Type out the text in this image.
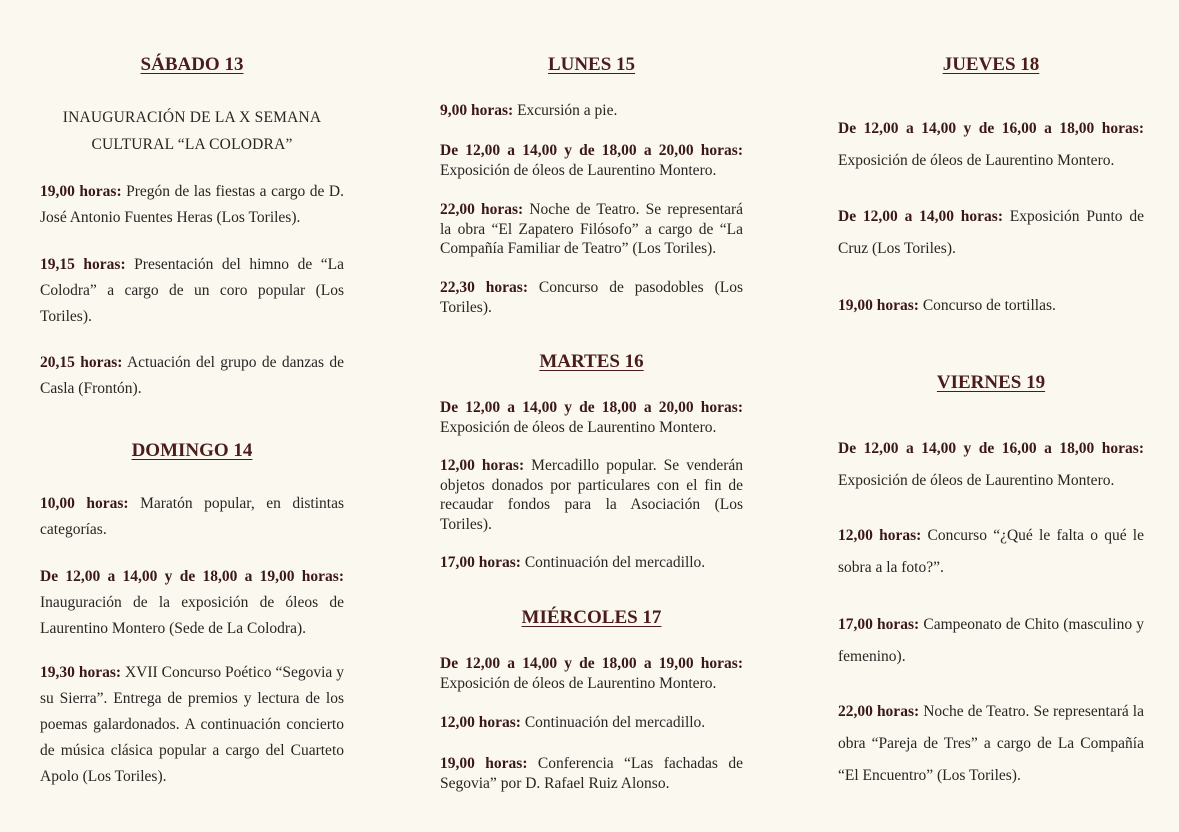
SÁBADO 13
INAUGURACIÓN DE LA X SEMANA
CULTURAL “LA COLODRA”
19,00 horas: Pregón de las fiestas a cargo de D. José Antonio Fuentes Heras (Los Toriles).
19,15 horas: Presentación del himno de “La Colodra” a cargo de un coro popular (Los Toriles).
20,15 horas: Actuación del grupo de danzas de Casla (Frontón).
DOMINGO 14
10,00 horas: Maratón popular, en distintas categorías.
De 12,00 a 14,00 y de 18,00 a 19,00 horas: Inauguración de la exposición de óleos de Laurentino Montero (Sede de La Colodra).
19,30 horas: XVII Concurso Poético “Segovia y su Sierra”. Entrega de premios y lectura de los poemas galardonados. A continuación concierto de música clásica popular a cargo del Cuarteto Apolo (Los Toriles).
LUNES 15
9,00 horas: Excursión a pie.
De 12,00 a 14,00 y de 18,00 a 20,00 horas: Exposición de óleos de Laurentino Montero.
22,00 horas: Noche de Teatro. Se representará la obra “El Zapatero Filósofo” a cargo de “La Compañía Familiar de Teatro” (Los Toriles).
22,30 horas: Concurso de pasodobles (Los Toriles).
MARTES 16
De 12,00 a 14,00 y de 18,00 a 20,00 horas: Exposición de óleos de Laurentino Montero.
12,00 horas: Mercadillo popular. Se venderán objetos donados por particulares con el fin de recaudar fondos para la Asociación (Los Toriles).
17,00 horas: Continuación del mercadillo.
MIÉRCOLES 17
De 12,00 a 14,00 y de 18,00 a 19,00 horas: Exposición de óleos de Laurentino Montero.
12,00 horas: Continuación del mercadillo.
19,00 horas: Conferencia “Las fachadas de Segovia” por D. Rafael Ruiz Alonso.
JUEVES 18
De 12,00 a 14,00 y de 16,00 a 18,00 horas: Exposición de óleos de Laurentino Montero.
De 12,00 a 14,00 horas: Exposición Punto de Cruz (Los Toriles).
19,00 horas: Concurso de tortillas.
VIERNES 19
De 12,00 a 14,00 y de 16,00 a 18,00 horas: Exposición de óleos de Laurentino Montero.
12,00 horas: Concurso “¿Qué le falta o qué le sobra a la foto?”.
17,00 horas: Campeonato de Chito (masculino y femenino).
22,00 horas: Noche de Teatro. Se representará la obra “Pareja de Tres” a cargo de La Compañía “El Encuentro” (Los Toriles).
